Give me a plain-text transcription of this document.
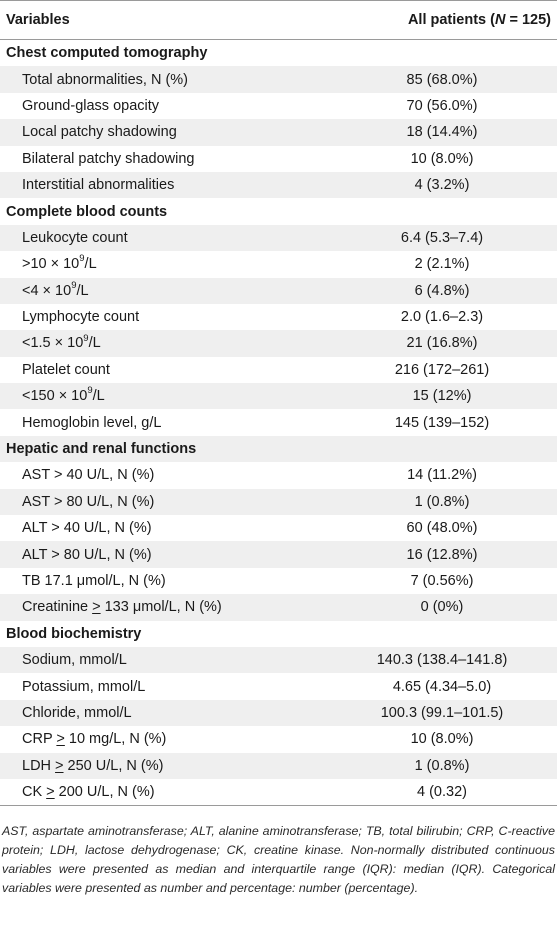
Variables	All patients (N = 125)
Chest computed tomography
Total abnormalities, N (%)	85 (68.0%)
Ground-glass opacity	70 (56.0%)
Local patchy shadowing	18 (14.4%)
Bilateral patchy shadowing	10 (8.0%)
Interstitial abnormalities	4 (3.2%)
Complete blood counts
Leukocyte count	6.4 (5.3–7.4)
$>10 \times 10^9/L$	2 (2.1%)
$<4 \times 10^9/L$	6 (4.8%)
Lymphocyte count	2.0 (1.6–2.3)
$<1.5 \times 10^9/L$	21 (16.8%)
Platelet count	216 (172–261)
$<150 \times 10^9/L$	15 (12%)
Hemoglobin level, g/L	145 (139–152)
Hepatic and renal functions
AST > 40 U/L, N (%)	14 (11.2%)
AST > 80 U/L, N (%)	1 (0.8%)
ALT > 40 U/L, N (%)	60 (48.0%)
ALT > 80 U/L, N (%)	16 (12.8%)
TB 17.1 μmol/L, N (%)	7 (0.56%)
Creatinine > 133 μmol/L, N (%)	0 (0%)
Blood biochemistry
Sodium, mmol/L	140.3 (138.4–141.8)
Potassium, mmol/L	4.65 (4.34–5.0)
Chloride, mmol/L	100.3 (99.1–101.5)
CRP > 10 mg/L, N (%)	10 (8.0%)
LDH > 250 U/L, N (%)	1 (0.8%)
CK > 200 U/L, N (%)	4 (0.32)
AST, aspartate aminotransferase; ALT, alanine aminotransferase; TB, total bilirubin; CRP, C-reactive protein; LDH, lactose dehydrogenase; CK, creatine kinase. Non-normally distributed continuous variables were presented as median and interquartile range (IQR): median (IQR). Categorical variables were presented as number and percentage: number (percentage).
